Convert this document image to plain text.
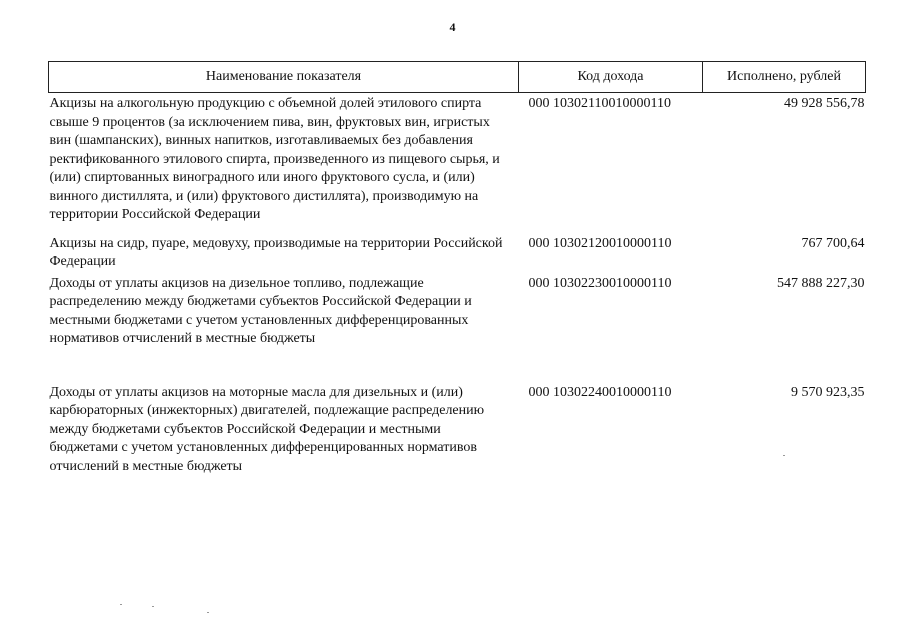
4
Наименование показателя	Код дохода	Исполнено, рублей
Акцизы на алкогольную продукцию с объемной долей этилового спирта свыше 9 процентов (за исключением пива, вин, фруктовых вин, игристых вин (шампанских), винных напитков, изготавливаемых без добавления ректификованного этилового спирта, произведенного из пищевого сырья, и (или) спиртованных виноградного или иного фруктового сусла, и (или) винного дистиллята, и (или) фруктового дистиллята), производимую на территории Российской Федерации	000 10302110010000110	49 928 556,78
Акцизы на сидр, пуаре, медовуху, производимые на территории Российской Федерации	000 10302120010000110	767 700,64
Доходы от уплаты акцизов на дизельное топливо, подлежащие распределению между бюджетами субъектов Российской Федерации и местными бюджетами с учетом установленных дифференцированных нормативов отчислений в местные бюджеты	000 10302230010000110	547 888 227,30
Доходы от уплаты акцизов на моторные масла для дизельных и (или) карбюраторных (инжекторных) двигателей, подлежащие распределению между бюджетами субъектов Российской Федерации и местными бюджетами с учетом установленных дифференцированных нормативов отчислений в местные бюджеты	000 10302240010000110	9 570 923,35
